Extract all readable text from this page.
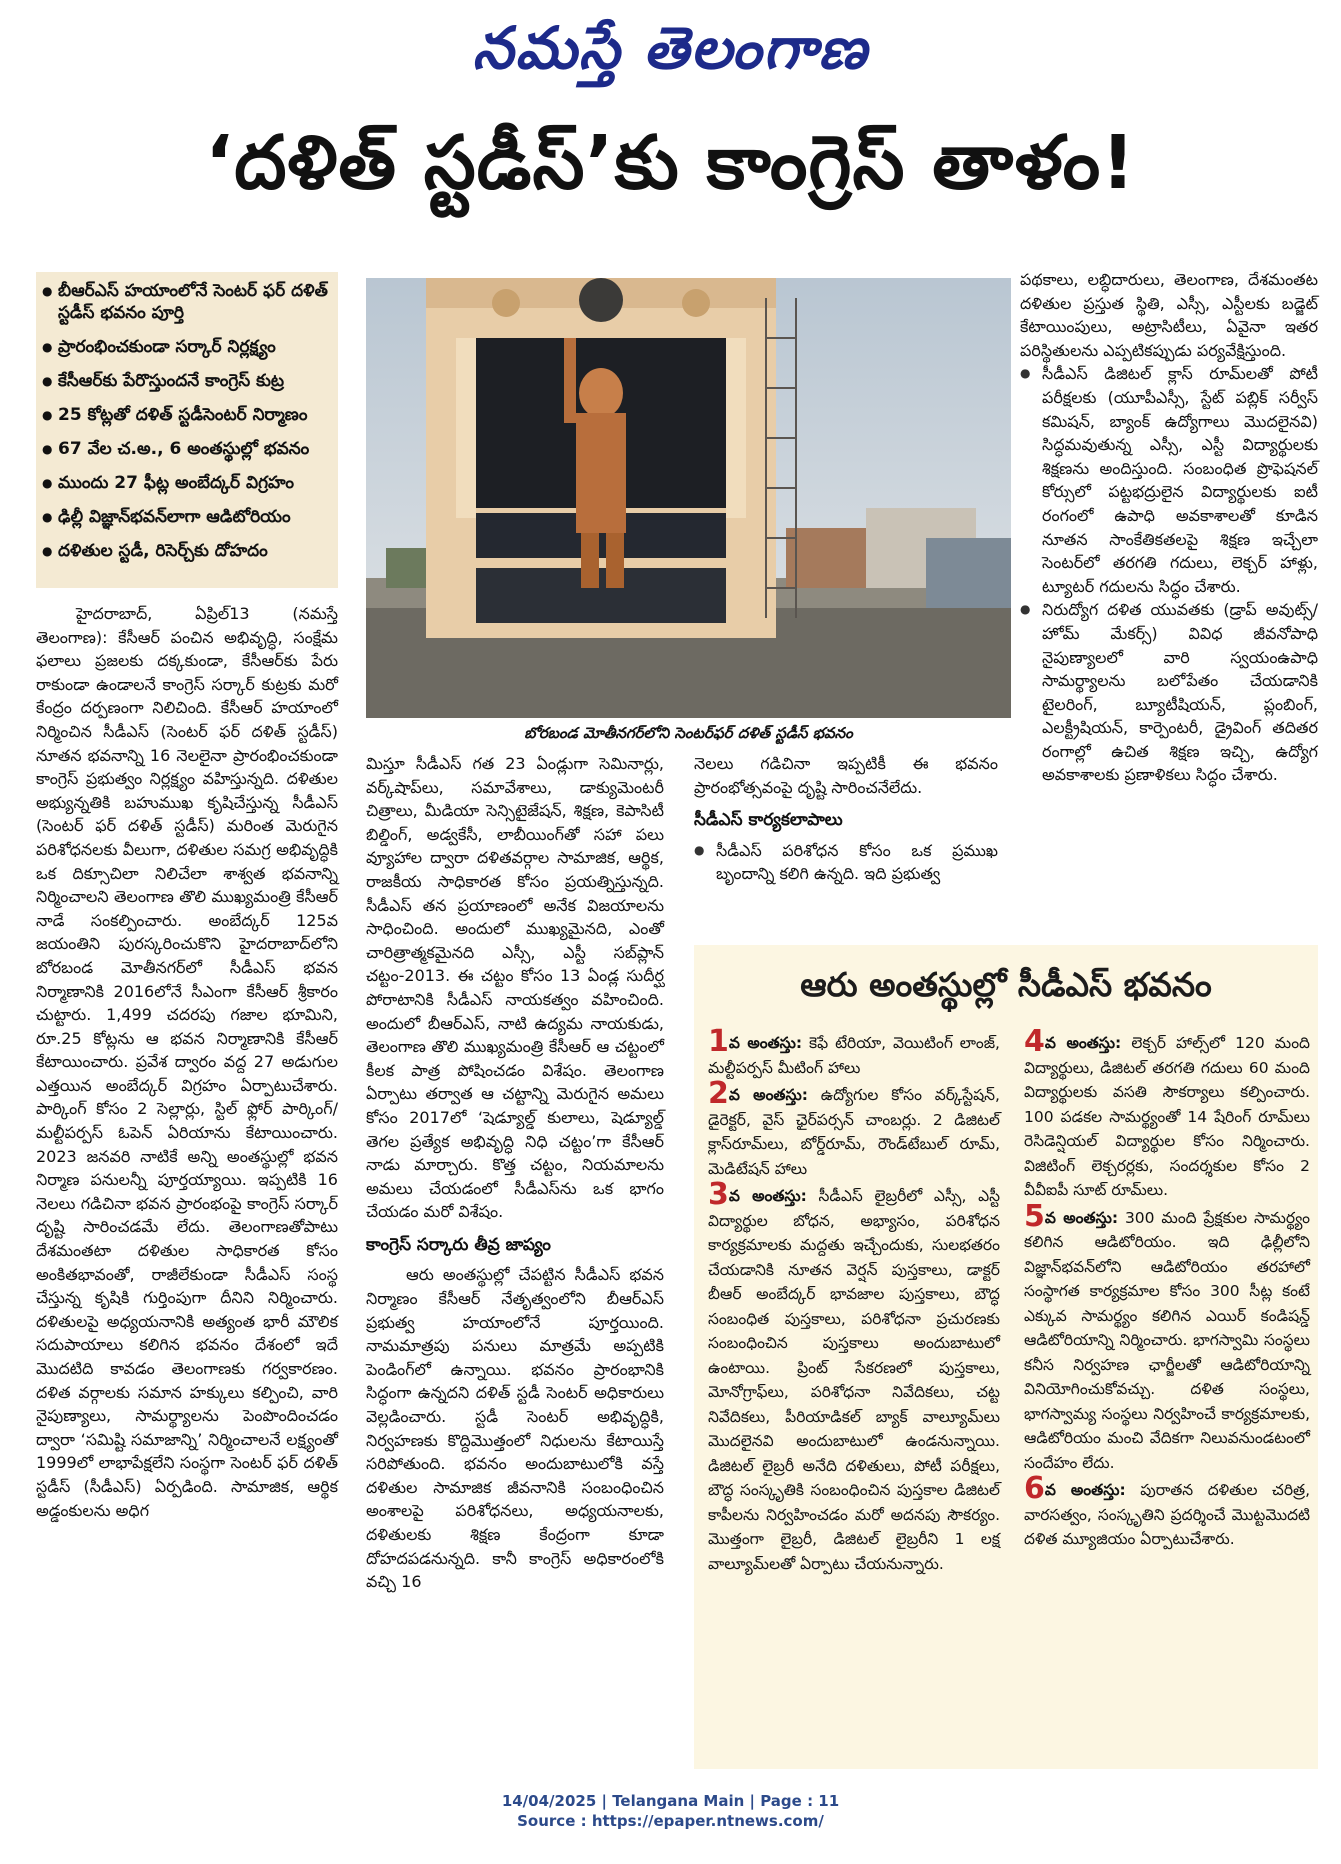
నమస్తే తెలంగాణ
‘దళిత్ స్టడీస్’కు కాంగ్రెస్ తాళం!
● బీఆర్ఎస్ హయాంలోనే సెంటర్ ఫర్ దళిత్ స్టడీస్ భవనం పూర్తి
● ప్రారంభించకుండా సర్కార్ నిర్లక్ష్యం
● కేసీఆర్‌కు పేరొస్తుందనే కాంగ్రెస్ కుట్ర
● 25 కోట్లతో దళిత్ స్టడీసెంటర్ నిర్మాణం
● 67 వేల చ.అ., 6 అంతస్థుల్లో భవనం
● ముందు 27 ఫీట్ల అంబేద్కర్ విగ్రహం
● ఢిల్లీ విజ్ఞాన్‌భవన్‌లాగా ఆడిటోరియం
● దళితుల స్టడీ, రిసెర్చ్‌కు దోహదం
బోరబండ మోతీనగర్‌లోని సెంటర్‌ఫర్ దళిత్ స్టడీస్ భవనం

హైదరాబాద్, ఏప్రిల్13 (నమస్తే తెలంగాణ): కేసీఆర్ పంచిన అభివృద్ధి, సంక్షేమ ఫలాలు ప్రజలకు దక్కకుండా, కేసీఆర్‌కు పేరు రాకుండా ఉండాలనే కాంగ్రెస్ సర్కార్ కుట్రకు మరో కేంద్రం దర్పణంగా నిలిచింది. కేసీఆర్ హయాంలో నిర్మించిన సీడీఎస్ (సెంటర్ ఫర్ దళిత్ స్టడీస్) నూతన భవనాన్ని 16 నెలలైనా ప్రారంభించకుండా కాంగ్రెస్ ప్రభుత్వం నిర్లక్ష్యం వహిస్తున్నది. దళితుల అభ్యున్నతికి బహుముఖ కృషిచేస్తున్న సీడీఎస్ (సెంటర్ ఫర్ దళిత్ స్టడీస్) మరింత మెరుగైన పరిశోధనలకు వీలుగా, దళితుల సమగ్ర అభివృద్ధికి ఒక దిక్సూచిలా నిలిచేలా శాశ్వత భవనాన్ని నిర్మించాలని తెలంగాణ తొలి ముఖ్యమంత్రి కేసీఆర్ నాడే సంకల్పించారు. అంబేద్కర్ 125వ జయంతిని పురస్కరించుకొని హైదరాబాద్‌లోని బోరబండ మోతీనగర్‌లో సీడీఎస్ భవన నిర్మాణానికి 2016లోనే సీఎంగా కేసీఆర్ శ్రీకారం చుట్టారు. 1,499 చదరపు గజాల భూమిని, రూ.25 కోట్లను ఆ భవన నిర్మాణానికి కేసీఆర్ కేటాయించారు. ప్రవేశ ద్వారం వద్ద 27 అడుగుల ఎత్తయిన అంబేద్కర్ విగ్రహం ఏర్పాటుచేశారు. పార్కింగ్ కోసం 2 సెల్లార్లు, స్టిల్ ఫ్లోర్ పార్కింగ్/మల్టీపర్పస్ ఓపెన్ ఏరియాను కేటాయించారు. 2023 జనవరి నాటికే అన్ని అంతస్థుల్లో భవన నిర్మాణ పనులన్నీ పూర్తయ్యాయి. ఇప్పటికి 16 నెలలు గడిచినా భవన ప్రారంభంపై కాంగ్రెస్ సర్కార్ దృష్టి సారించడమే లేదు. తెలంగాణతోపాటు దేశమంతటా దళితుల సాధికారత కోసం అంకితభావంతో, రాజీలేకుండా సీడీఎస్ సంస్థ చేస్తున్న కృషికి గుర్తింపుగా దీనిని నిర్మించారు. దళితులపై అధ్యయనానికి అత్యంత భారీ మౌలిక సదుపాయాలు కలిగిన భవనం దేశంలో ఇదే మొదటిది కావడం తెలంగాణకు గర్వకారణం. దళిత వర్గాలకు సమాన హక్కులు కల్పించి, వారి నైపుణ్యాలు, సామర్థ్యాలను పెంపొందించడం ద్వారా ‘సమిష్టి సమాజాన్ని’ నిర్మించాలనే లక్ష్యంతో 1999లో లాభాపేక్షలేని సంస్థగా సెంటర్ ఫర్ దళిత్ స్టడీస్ (సీడీఎస్) ఏర్పడింది. సామాజిక, ఆర్థిక అడ్డంకులను అధిగ

మిస్తూ సీడీఎస్ గత 23 ఏండ్లుగా సెమినార్లు, వర్క్‌షాప్‌లు, సమావేశాలు, డాక్యుమెంటరీ చిత్రాలు, మీడియా సెన్సిటైజేషన్, శిక్షణ, కెపాసిటీ బిల్డింగ్, అడ్వకేసీ, లాబీయింగ్‌తో సహా పలు వ్యూహాల ద్వారా దళితవర్గాల సామాజిక, ఆర్థిక, రాజకీయ సాధికారత కోసం ప్రయత్నిస్తున్నది. సీడీఎస్ తన ప్రయాణంలో అనేక విజయాలను సాధించింది. అందులో ముఖ్యమైనది, ఎంతో చారిత్రాత్మకమైనది ఎస్సీ, ఎస్టీ సబ్‌ప్లాన్ చట్టం-2013. ఈ చట్టం కోసం 13 ఏండ్ల సుదీర్ఘ పోరాటానికి సీడీఎస్ నాయకత్వం వహించింది. అందులో బీఆర్ఎస్, నాటి ఉద్యమ నాయకుడు, తెలంగాణ తొలి ముఖ్యమంత్రి కేసీఆర్ ఆ చట్టంలో కీలక పాత్ర పోషించడం విశేషం. తెలంగాణ ఏర్పాటు తర్వాత ఆ చట్టాన్ని మెరుగైన అమలు కోసం 2017లో ‘షెడ్యూల్డ్ కులాలు, షెడ్యూల్డ్ తెగల ప్రత్యేక అభివృద్ధి నిధి చట్టం’గా కేసీఆర్ నాడు మార్చారు. కొత్త చట్టం, నియమాలను అమలు చేయడంలో సీడీఎస్‌ను ఒక భాగం చేయడం మరో విశేషం.

కాంగ్రెస్ సర్కారు తీవ్ర జాప్యం

ఆరు అంతస్థుల్లో చేపట్టిన సీడీఎస్ భవన నిర్మాణం కేసీఆర్ నేతృత్వంలోని బీఆర్ఎస్ ప్రభుత్వ హయాంలోనే పూర్తయింది. నామమాత్రపు పనులు మాత్రమే అప్పటికి పెండింగ్‌లో ఉన్నాయి. భవనం ప్రారంభానికి సిద్ధంగా ఉన్నదని దళిత్ స్టడీ సెంటర్ అధికారులు వెల్లడించారు. స్టడీ సెంటర్ అభివృద్ధికి, నిర్వహణకు కొద్దిమొత్తంలో నిధులను కేటాయిస్తే సరిపోతుంది. భవనం అందుబాటులోకి వస్తే దళితుల సామాజిక జీవనానికి సంబంధించిన అంశాలపై పరిశోధనలు, అధ్యయనాలకు, దళితులకు శిక్షణ కేంద్రంగా కూడా దోహదపడనున్నది. కానీ కాంగ్రెస్ అధికారంలోకి వచ్చి 16

నెలలు గడిచినా ఇప్పటికీ ఈ భవనం ప్రారంభోత్సవంపై దృష్టి సారించనేలేదు.

సీడీఎస్ కార్యకలాపాలు

● సీడీఎస్ పరిశోధన కోసం ఒక ప్రముఖ బృందాన్ని కలిగి ఉన్నది. ఇది ప్రభుత్వ

పథకాలు, లబ్ధిదారులు, తెలంగాణ, దేశమంతట దళితుల ప్రస్తుత స్థితి, ఎస్సీ, ఎస్టీలకు బడ్జెట్ కేటాయింపులు, అట్రాసిటీలు, ఏవైనా ఇతర పరిస్థితులను ఎప్పటికప్పుడు పర్యవేక్షిస్తుంది.

● సీడీఎస్ డిజిటల్ క్లాస్ రూమ్‌లతో పోటీ పరీక్షలకు (యూపీఎస్సీ, స్టేట్ పబ్లిక్ సర్వీస్ కమిషన్, బ్యాంక్ ఉద్యోగాలు మొదలైనవి) సిద్ధమవుతున్న ఎస్సీ, ఎస్టీ విద్యార్థులకు శిక్షణను అందిస్తుంది. సంబంధిత ప్రొఫెషనల్ కోర్సులో పట్టభద్రులైన విద్యార్థులకు ఐటీ రంగంలో ఉపాధి అవకాశాలతో కూడిన నూతన సాంకేతికతలపై శిక్షణ ఇచ్చేలా సెంటర్‌లో తరగతి గదులు, లెక్చర్ హాళ్లు, ట్యూటర్ గదులను సిద్ధం చేశారు.

● నిరుద్యోగ దళిత యువతకు (డ్రాప్ అవుట్స్/హోమ్ మేకర్స్) వివిధ జీవనోపాధి నైపుణ్యాలలో వారి స్వయంఉపాధి సామర్థ్యాలను బలోపేతం చేయడానికి టైలరింగ్, బ్యూటీషియన్, ప్లంబింగ్, ఎలక్ట్రీషియన్, కార్పెంటరీ, డ్రైవింగ్ తదితర రంగాల్లో ఉచిత శిక్షణ ఇచ్చి, ఉద్యోగ అవకాశాలకు ప్రణాళికలు సిద్ధం చేశారు.

ఆరు అంతస్థుల్లో సీడీఎస్ భవనం

1వ అంతస్తు: కెఫే టేరియా, వెయిటింగ్ లాంజ్, మల్టీపర్పస్ మీటింగ్ హాలు

2వ అంతస్తు: ఉద్యోగుల కోసం వర్క్‌స్టేషన్, డైరెక్టర్, వైస్ ఛైర్‌పర్సన్ చాంబర్లు. 2 డిజిటల్ క్లాస్‌రూమ్‌లు, బోర్డ్‌రూమ్, రౌండ్‌టేబుల్ రూమ్, మెడిటేషన్ హాలు

3వ అంతస్తు: సీడీఎస్ లైబ్రరీలో ఎస్సీ, ఎస్టీ విద్యార్థుల బోధన, అభ్యాసం, పరిశోధన కార్యక్రమాలకు మద్దతు ఇచ్చేందుకు, సులభతరం చేయడానికి నూతన వెర్షన్ పుస్తకాలు, డాక్టర్ బీఆర్ అంబేద్కర్ భావజాల పుస్తకాలు, బౌద్ధ సంబంధిత పుస్తకాలు, పరిశోధనా ప్రచురణకు సంబంధించిన పుస్తకాలు అందుబాటులో ఉంటాయి. ప్రింట్ సేకరణలో పుస్తకాలు, మోనోగ్రాఫ్‌లు, పరిశోధనా నివేదికలు, చట్ట నివేదికలు, పీరియాడికల్ బ్యాక్ వాల్యూమ్‌లు మొదలైనవి అందుబాటులో ఉండనున్నాయి. డిజిటల్ లైబ్రరీ అనేది దళితులు, పోటీ పరీక్షలు, బౌద్ధ సంస్కృతికి సంబంధించిన పుస్తకాల డిజిటల్ కాపీలను నిర్వహించడం మరో అదనపు సౌకర్యం. మొత్తంగా లైబ్రరీ, డిజిటల్ లైబ్రరీని 1 లక్ష వాల్యూమ్‌లతో ఏర్పాటు చేయనున్నారు.

4వ అంతస్తు: లెక్చర్ హాల్స్‌లో 120 మంది విద్యార్థులు, డిజిటల్ తరగతి గదులు 60 మంది విద్యార్థులకు వసతి సౌకర్యాలు కల్పించారు. 100 పడకల సామర్థ్యంతో 14 షేరింగ్ రూమ్‌లు రెసిడెన్షియల్ విద్యార్థుల కోసం నిర్మించారు. విజిటింగ్ లెక్చరర్లకు, సందర్శకుల కోసం 2 వీవీఐపీ సూట్ రూమ్‌లు.

5వ అంతస్తు: 300 మంది ప్రేక్షకుల సామర్థ్యం కలిగిన ఆడిటోరియం. ఇది ఢిల్లీలోని విజ్ఞాన్‌భవన్‌లోని ఆడిటోరియం తరహాలో సంస్థాగత కార్యక్రమాల కోసం 300 సీట్ల కంటే ఎక్కువ సామర్థ్యం కలిగిన ఎయిర్ కండిషన్డ్ ఆడిటోరియాన్ని నిర్మించారు. భాగస్వామి సంస్థలు కనీస నిర్వహణ ఛార్జీలతో ఆడిటోరియాన్ని వినియోగించుకోవచ్చు. దళిత సంస్థలు, భాగస్వామ్య సంస్థలు నిర్వహించే కార్యక్రమాలకు, ఆడిటోరియం మంచి వేదికగా నిలువనుండటంలో సందేహం లేదు.

6వ అంతస్తు: పురాతన దళితుల చరిత్ర, వారసత్వం, సంస్కృతిని ప్రదర్శించే మొట్టమొదటి దళిత మ్యూజియం ఏర్పాటుచేశారు.

14/04/2025 | Telangana Main | Page : 11
Source : https://epaper.ntnews.com/
